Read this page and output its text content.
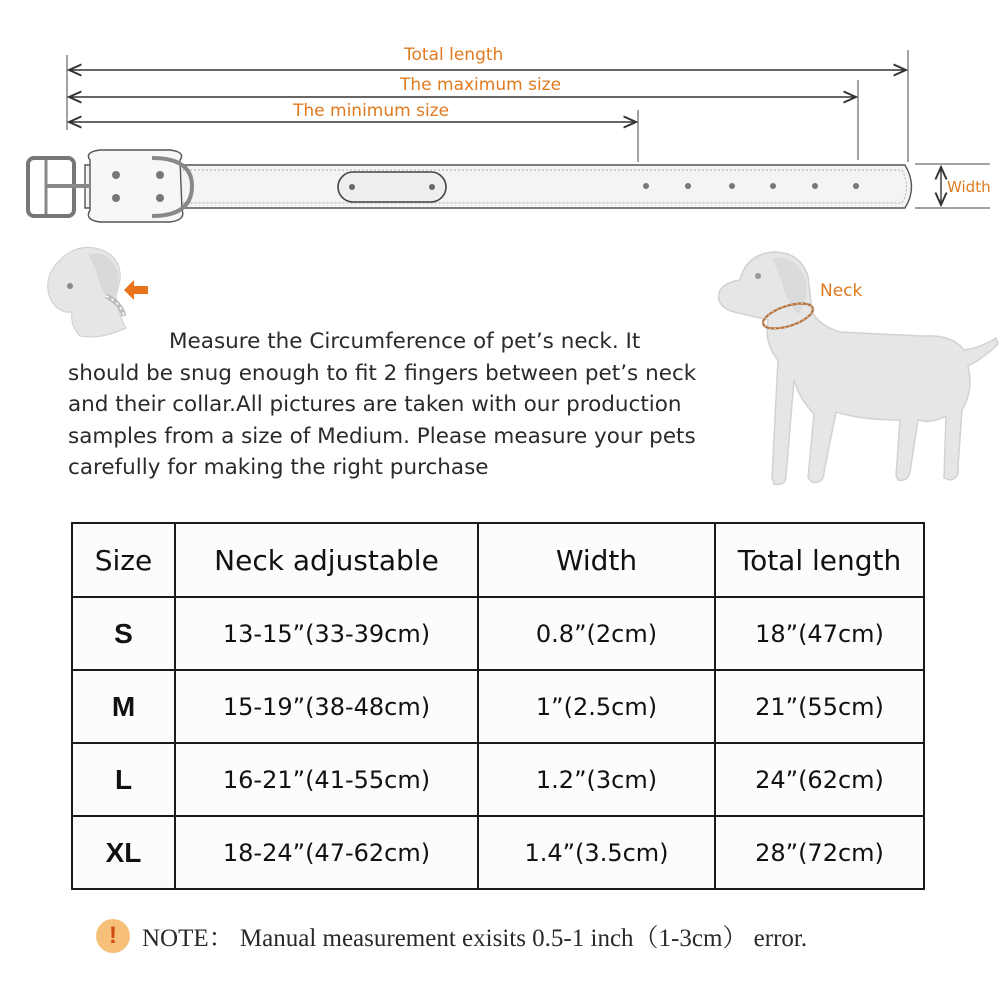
Total length
The maximum size
The minimum size
Width
Measure the Circumference of pet’s neck. It
should be snug enough to fit 2 fingers between pet’s neck
and their collar.All pictures are taken with our production
samples from a size of Medium. Please measure your pets
carefully for making the right purchase
Neck
Size	Neck adjustable	Width	Total length
S	13-15”(33-39cm)	0.8”(2cm)	18”(47cm)
M	15-19”(38-48cm)	1”(2.5cm)	21”(55cm)
L	16-21”(41-55cm)	1.2”(3cm)	24”(62cm)
XL	18-24”(47-62cm)	1.4”(3.5cm)	28”(72cm)
!	NOTE： Manual measurement exisits 0.5-1 inch（1-3cm） error.
